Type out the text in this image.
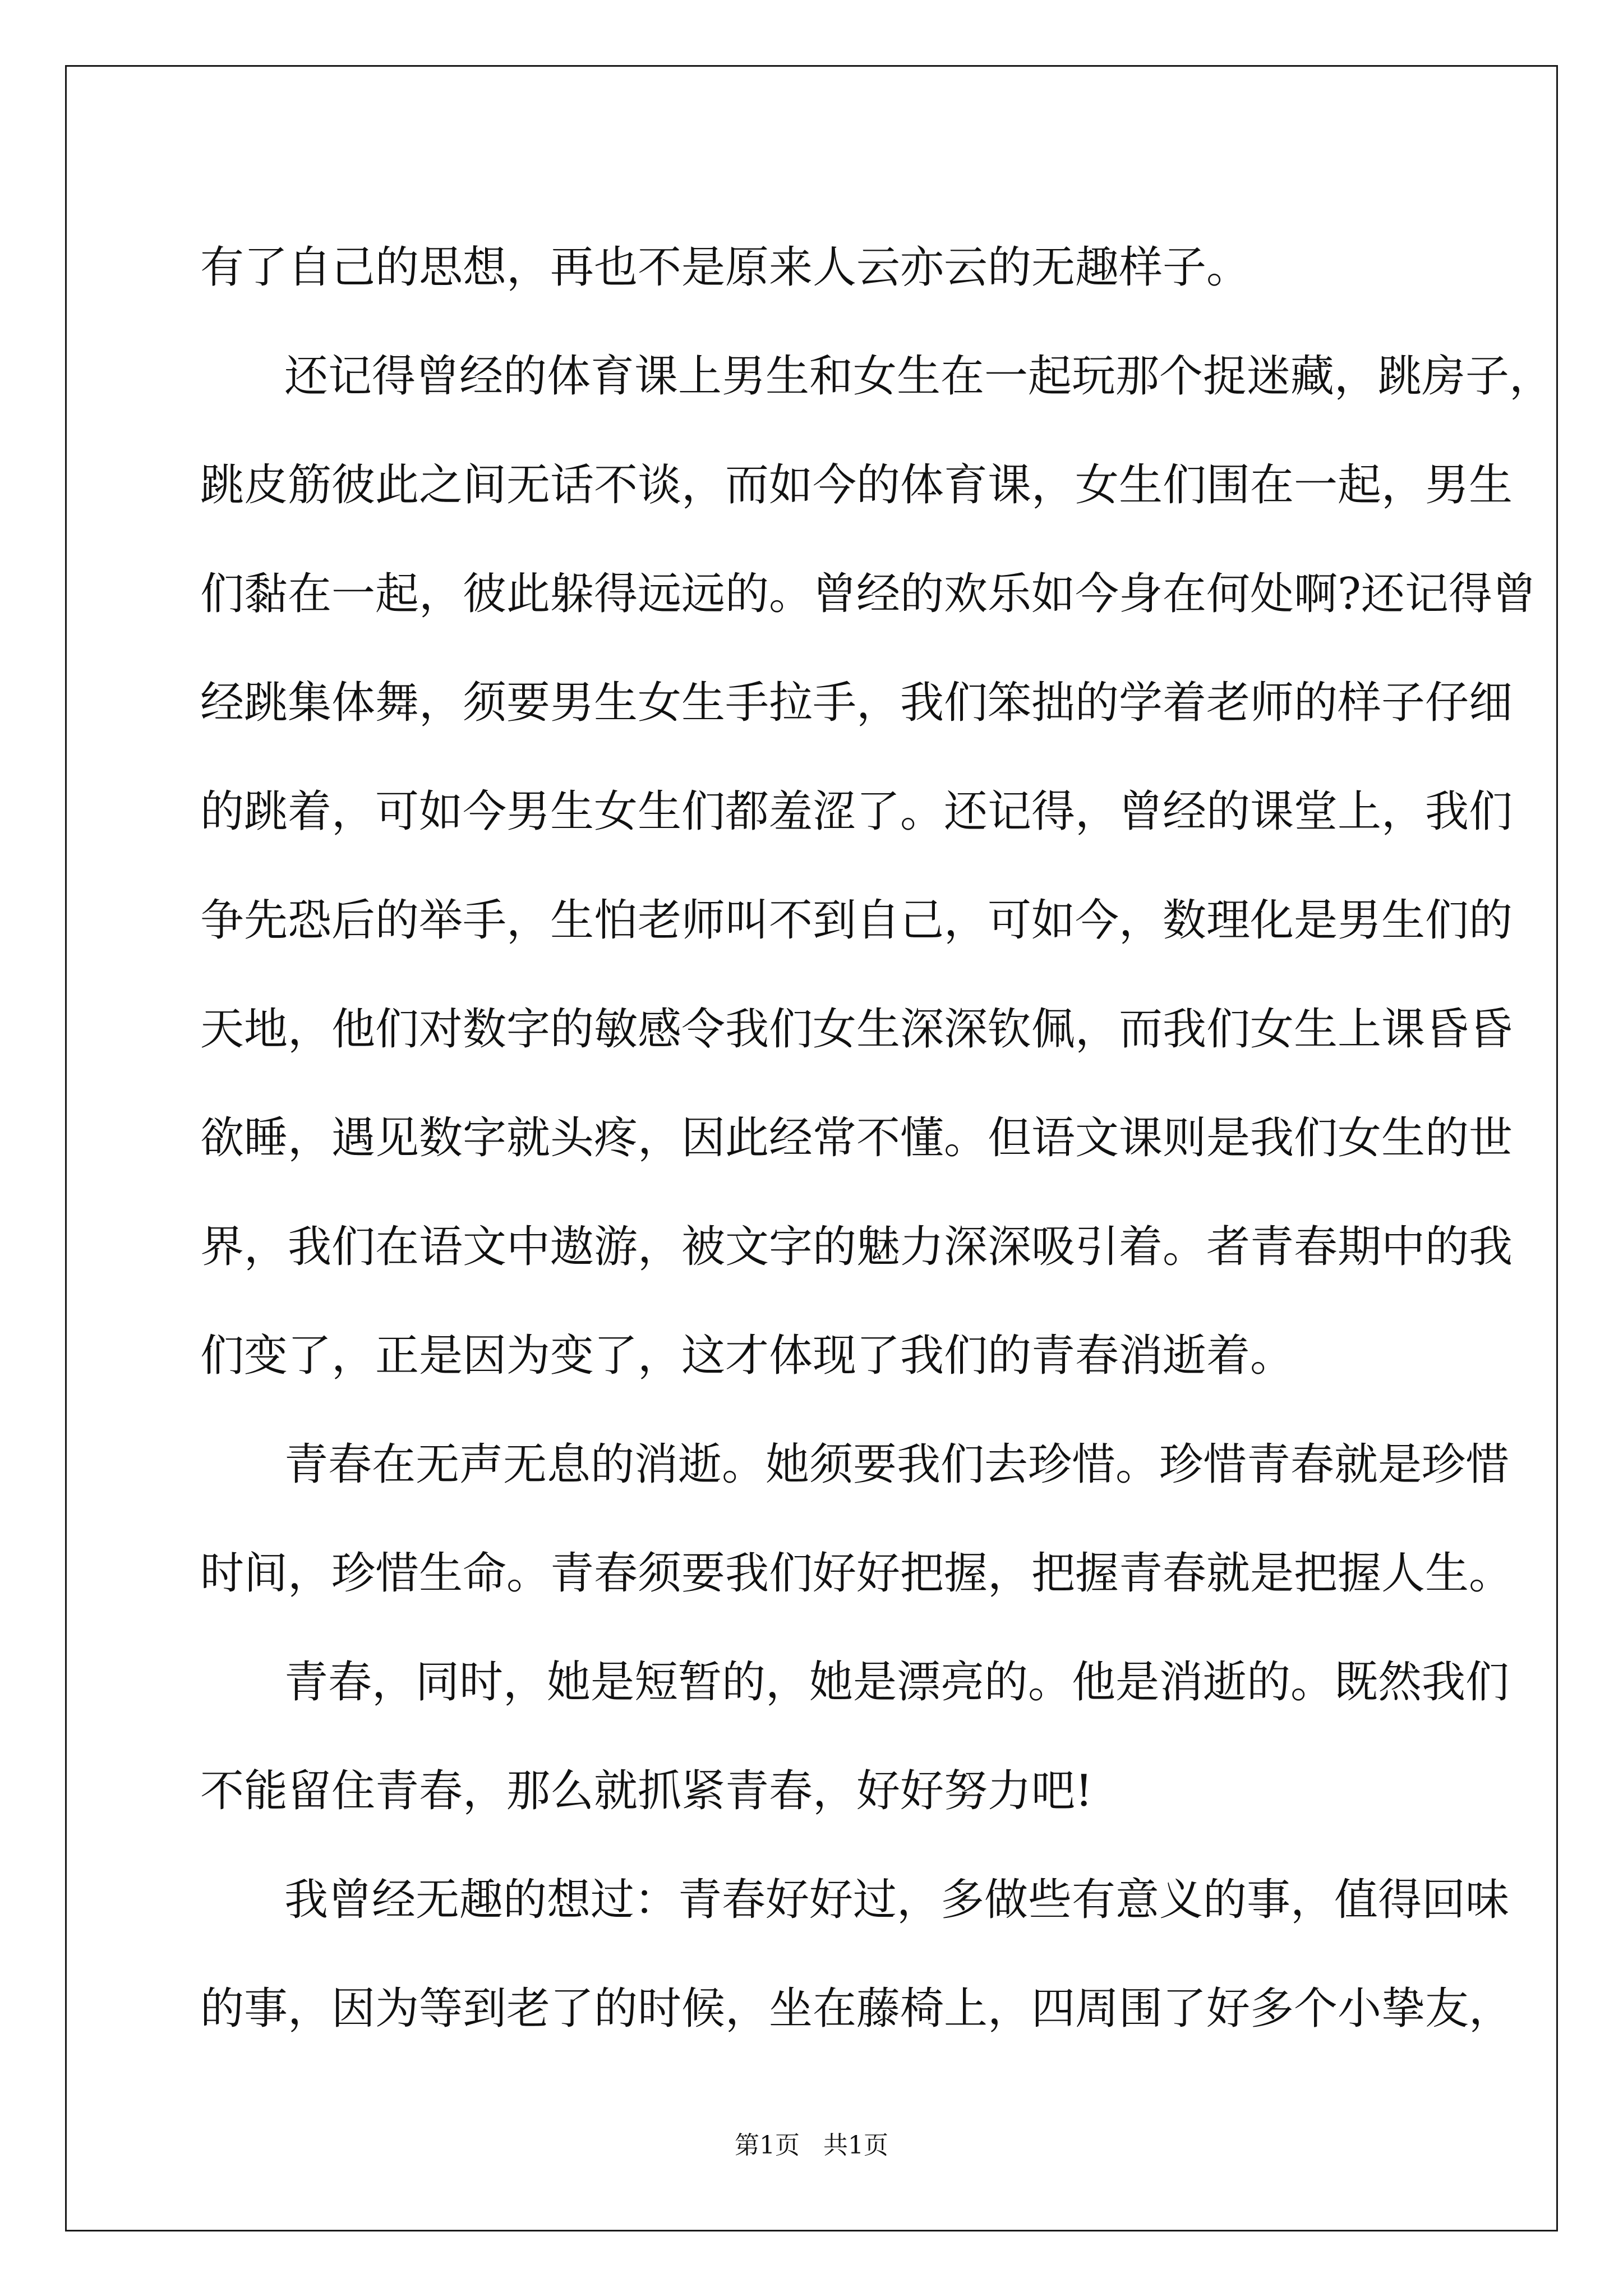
有了自己的思想，再也不是原来人云亦云的无趣样子。
还记得曾经的体育课上男生和女生在一起玩那个捉迷藏，跳房子，
跳皮筋彼此之间无话不谈，而如今的体育课，女生们围在一起，男生
们黏在一起，彼此躲得远远的。曾经的欢乐如今身在何处啊?还记得曾
经跳集体舞，须要男生女生手拉手，我们笨拙的学着老师的样子仔细
的跳着，可如今男生女生们都羞涩了。还记得，曾经的课堂上，我们
争先恐后的举手，生怕老师叫不到自己，可如今，数理化是男生们的
天地，他们对数字的敏感令我们女生深深钦佩，而我们女生上课昏昏
欲睡，遇见数字就头疼，因此经常不懂。但语文课则是我们女生的世
界，我们在语文中遨游，被文字的魅力深深吸引着。者青春期中的我
们变了，正是因为变了，这才体现了我们的青春消逝着。
青春在无声无息的消逝。她须要我们去珍惜。珍惜青春就是珍惜
时间，珍惜生命。青春须要我们好好把握，把握青春就是把握人生。
青春，同时，她是短暂的，她是漂亮的。他是消逝的。既然我们
不能留住青春，那么就抓紧青春，好好努力吧!
我曾经无趣的想过：青春好好过，多做些有意义的事，值得回味
的事，因为等到老了的时候，坐在藤椅上，四周围了好多个小挚友，
第1页   共1页
